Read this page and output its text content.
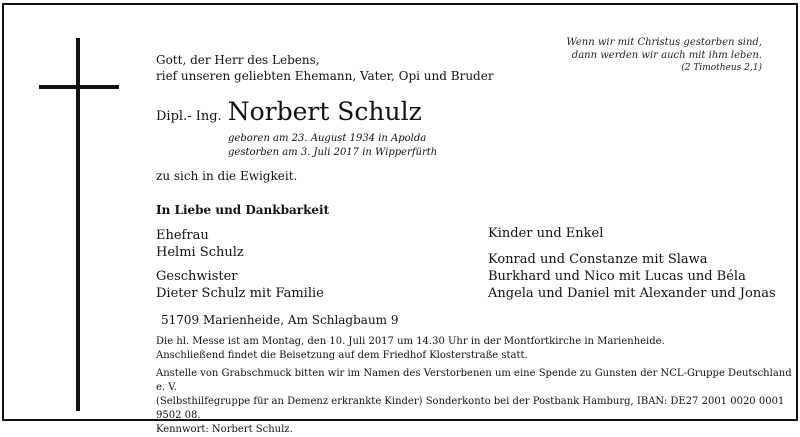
Wenn wir mit Christus gestorben sind,
dann werden wir auch mit ihm leben.
(2 Timotheus 2,1)
Gott, der Herr des Lebens,
rief unseren geliebten Ehemann, Vater, Opi und Bruder
Dipl.- Ing. Norbert Schulz
geboren am 23. August 1934 in Apolda
gestorben am 3. Juli 2017 in Wipperfürth
zu sich in die Ewigkeit.
In Liebe und Dankbarkeit
Ehefrau
Helmi Schulz
Geschwister
Dieter Schulz mit Familie
Kinder und Enkel
Konrad und Constanze mit Slawa
Burkhard und Nico mit Lucas und Béla
Angela und Daniel mit Alexander und Jonas
51709 Marienheide, Am Schlagbaum 9
Die hl. Messe ist am Montag, den 10. Juli 2017 um 14.30 Uhr in der Montfortkirche in Marienheide.
Anschließend findet die Beisetzung auf dem Friedhof Klosterstraße statt.
Anstelle von Grabschmuck bitten wir im Namen des Verstorbenen um eine Spende zu Gunsten der NCL-Gruppe Deutschland e. V.
(Selbsthilfegruppe für an Demenz erkrankte Kinder) Sonderkonto bei der Postbank Hamburg, IBAN: DE27 2001 0020 0001 9502 08.
Kennwort: Norbert Schulz.
